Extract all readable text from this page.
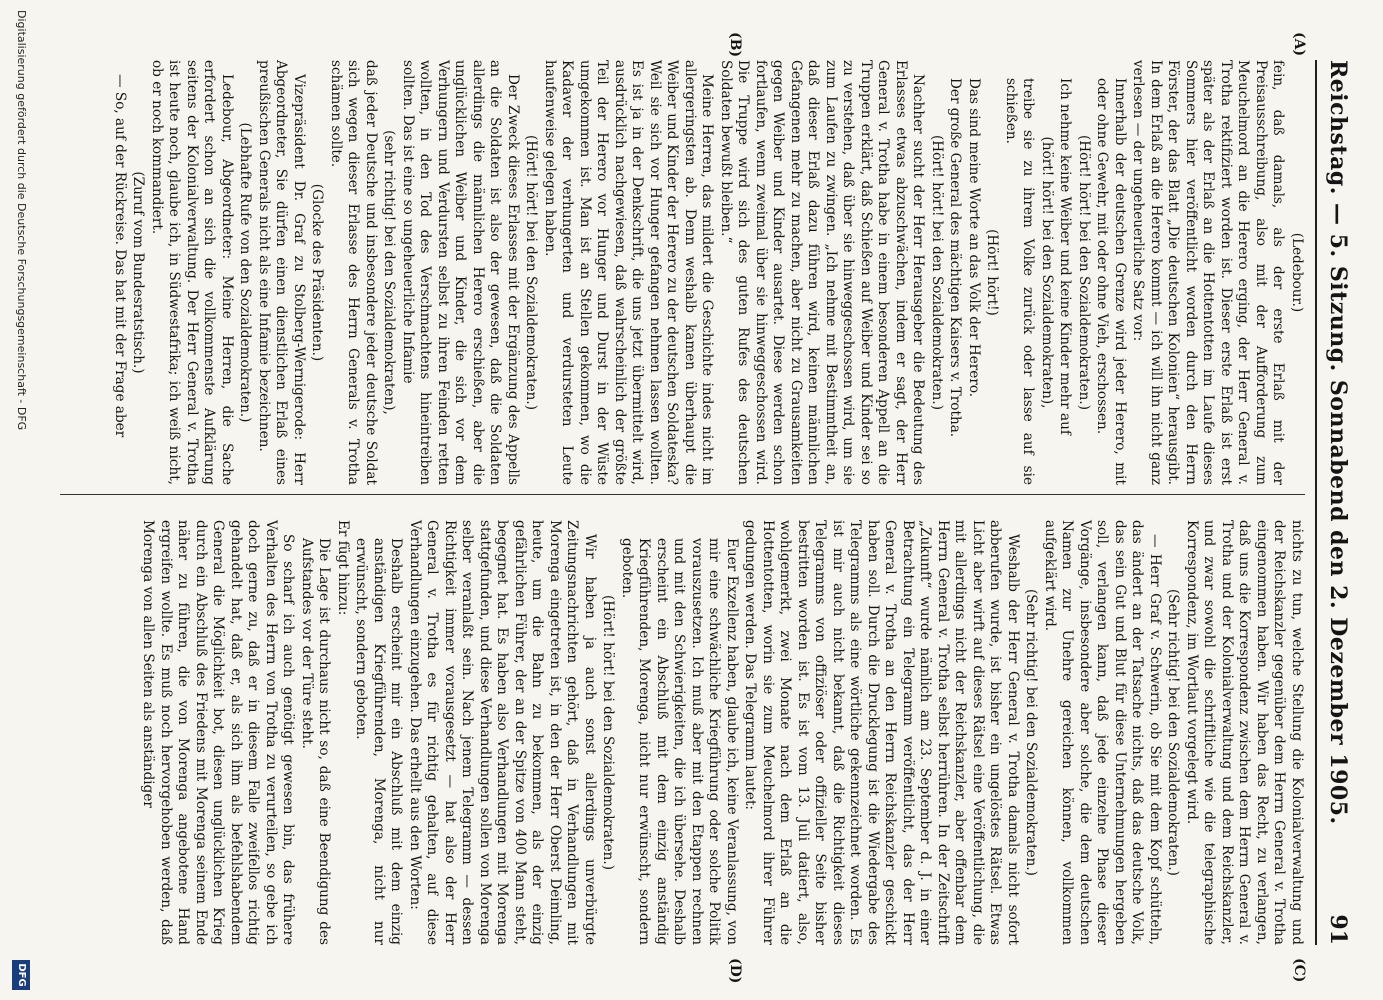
Reichstag. — 5. Sitzung. Sonnabend den 2. Dezember 1905.
91
(A)
(B)
(C)
(D)

(Ledebour.)

fein, daß damals, als der erste Erlaß mit der Preisausschreibung, also mit der Aufforderung zum Meuchelmord an die Herero erging, der Herr General v. Trotha rektifiziert worden ist. Dieser erste Erlaß ist erst später als der Erlaß an die Hottentotten im Laufe dieses Sommers hier veröffentlicht worden durch den Herrn Förster, der das Blatt „Die deutschen Kolonien“ herausgibt. In dem Erlaß an die Herero kommt — ich will ihn nicht ganz verlesen — der ungeheuerliche Satz vor:

Innerhalb der deutschen Grenze wird jeder Herero, mit oder ohne Gewehr, mit oder ohne Vieh, erschossen.

(Hört! hört! bei den Sozialdemokraten.)

Ich nehme keine Weiber und keine Kinder mehr auf

(hört! hört! bei den Sozialdemokraten),

treibe sie zu ihrem Volke zurück oder lasse auf sie schießen.

(Hört! hört!)

Das sind meine Worte an das Volk der Herero.

Der große General des mächtigen Kaisers v. Trotha.

(Hört! hört! bei den Sozialdemokraten.)

Nachher sucht der Herr Herausgeber die Bedeutung des Erlasses etwas abzuschwächen, indem er sagt, der Herr General v. Trotha habe in einem besonderen Appell an die Truppen erklärt, daß Schießen auf Weiber und Kinder sei so zu verstehen, daß über sie hinweggeschossen wird, um sie zum Laufen zu zwingen. „Ich nehme mit Bestimmtheit an, daß dieser Erlaß dazu führen wird, keinen männlichen Gefangenen mehr zu machen, aber nicht zu Grausamkeiten gegen Weiber und Kinder ausartet. Diese werden schon fortlaufen, wenn zweimal über sie hinweggeschossen wird. Die Truppe wird sich des guten Rufes des deutschen Soldaten bewußt bleiben.“

Meine Herren, das mildert die Geschichte indes nicht im allergeringsten ab. Denn weshalb kamen überhaupt die Weiber und Kinder der Herero zu der deutschen Soldateska? Weil sie sich vor Hunger gefangen nehmen lassen wollten. Es ist ja in der Denkschrift, die uns jetzt übermittelt wird, ausdrücklich nachgewiesen, daß wahrscheinlich der größte Teil der Herero vor Hunger und Durst in der Wüste umgekommen ist. Man ist an Stellen gekommen, wo die Kadaver der verhungerten und verdursteten Leute haufenweise gelegen haben.

(Hört! hört! bei den Sozialdemokraten.)

Der Zweck dieses Erlasses mit der Ergänzung des Appells an die Soldaten ist also der gewesen, daß die Soldaten allerdings die männlichen Herero erschießen, aber die unglücklichen Weiber und Kinder, die sich vor dem Verhungern und Verdursten selbst zu ihren Feinden retten wollten, in den Tod des Verschmachtens hineintreiben sollten. Das ist eine so ungeheuerliche Infamie

(sehr richtig! bei den Sozialdemokraten),

daß jeder Deutsche und insbesondere jeder deutsche Soldat sich wegen dieser Erlasse des Herrn Generals v. Trotha schämen sollte.

(Glocke des Präsidenten.)

Vizepräsident Dr. Graf zu Stolberg-Wernigerode: Herr Abgeordneter, Sie dürfen einen dienstlichen Erlaß eines preußischen Generals nicht als eine Infamie bezeichnen.

(Lebhafte Rufe von den Sozialdemokraten.)

Ledebour, Abgeordneter: Meine Herren, die Sache erfordert schon an sich die vollkommenste Aufklärung seitens der Kolonialverwaltung. Der Herr General v. Trotha ist heute noch, glaube ich, in Südwestafrika; ich weiß nicht, ob er noch kommandiert.

(Zuruf vom Bundesratstisch.)

— So, auf der Rückreise. Das hat mit der Frage aber

nichts zu tun, welche Stellung die Kolonialverwaltung und der Reichskanzler gegenüber dem Herrn General v. Trotha eingenommen haben. Wir haben das Recht, zu verlangen, daß uns die Korrespondenz zwischen dem Herrn General v. Trotha und der Kolonialverwaltung und dem Reichskanzler, und zwar sowohl die schriftliche wie die telegraphische Korrespondenz, im Wortlaut vorgelegt wird.

(Sehr richtig! bei den Sozialdemokraten.)

— Herr Graf v. Schwerin, ob Sie mit dem Kopf schütteln, das ändert an der Tatsache nichts, daß das deutsche Volk, das sein Gut und Blut für diese Unternehmungen hergeben soll, verlangen kann, daß jede einzelne Phase dieser Vorgänge, insbesondere aber solche, die dem deutschen Namen zur Unehre gereichen können, vollkommen aufgeklärt wird.

(Sehr richtig! bei den Sozialdemokraten.)

Weshalb der Herr General v. Trotha damals nicht sofort abberufen wurde, ist bisher ein ungelöstes Rätsel. Etwas Licht aber wirft auf dieses Rätsel eine Veröffentlichung, die mit allerdings nicht der Reichskanzler, aber offenbar dem Herrn General v. Trotha selbst herrühren. In der Zeitschrift „Zukunft“ wurde nämlich am 23. September d. J. in einer Betrachtung ein Telegramm veröffentlicht, das der Herr General v. Trotha an den Herrn Reichskanzler geschickt haben soll. Durch die Drucklegung ist die Wiedergabe des Telegramms als eine wörtliche gekennzeichnet worden. Es ist mir auch nicht bekannt, daß die Richtigkeit dieses Telegramms von offiziöser oder offizieller Seite bisher bestritten worden ist. Es ist vom 13. Juli datiert, also, wohlgemerkt, zwei Monate nach dem Erlaß an die Hottentotten, worin sie zum Meuchelmord ihrer Führer gedungen werden. Das Telegramm lautet:

Euer Exzellenz haben, glaube ich, keine Veranlassung, von mir eine schwächliche Kriegführung oder solche Politik vorauszusetzen. Ich muß aber mit den Etappen rechnen und mit den Schwierigkeiten, die ich übersehe. Deshalb erscheint ein Abschluß mit dem einzig anständig Kriegführenden, Morenga, nicht nur erwünscht, sondern geboten.

(Hört! hört! bei den Sozialdemokraten.)

Wir haben ja auch sonst allerdings unverbürgte Zeitungsnachrichten gehört, daß in Verhandlungen mit Morenga eingetreten ist, in den der Herr Oberst Deimling, heute, um die Bahn zu bekommen, als der einzig gefährlichen Führer, der an der Spitze von 400 Mann steht, begegnet hat. Es haben also Verhandlungen mit Morenga stattgefunden, und diese Verhandlungen sollen von Morenga selber veranlaßt sein. Nach jenem Telegramm — dessen Richtigkeit immer vorausgesetzt — hat also der Herr General v. Trotha es für richtig gehalten, auf diese Verhandlungen einzugehen. Das erhellt aus den Worten:

Deshalb erscheint mir ein Abschluß mit dem einzig anständigen Kriegführenden, Morenga, nicht nur erwünscht, sondern geboten.

Er fügt hinzu:

Die Lage ist durchaus nicht so, daß eine Beendigung des Aufstandes vor der Türe steht.

So scharf ich auch genötigt gewesen bin, das frühere Verhalten des Herrn von Trotha zu verurteilen, so gebe ich doch gerne zu, daß er in diesem Falle zweifellos richtig gehandelt hat, daß er, als sich ihm als befehlshabendem General die Möglichkeit bot, diesen unglücklichen Krieg durch ein Abschluß des Friedens mit Morenga seinem Ende näher zu führen, die von Morenga angebotene Hand ergreifen wollte. Es muß noch hervorgehoben werden, daß Morenga von allen Seiten als anständiger

Digitalisierung gefördert durch die Deutsche Forschungsgemeinschaft - DFG
DFG
